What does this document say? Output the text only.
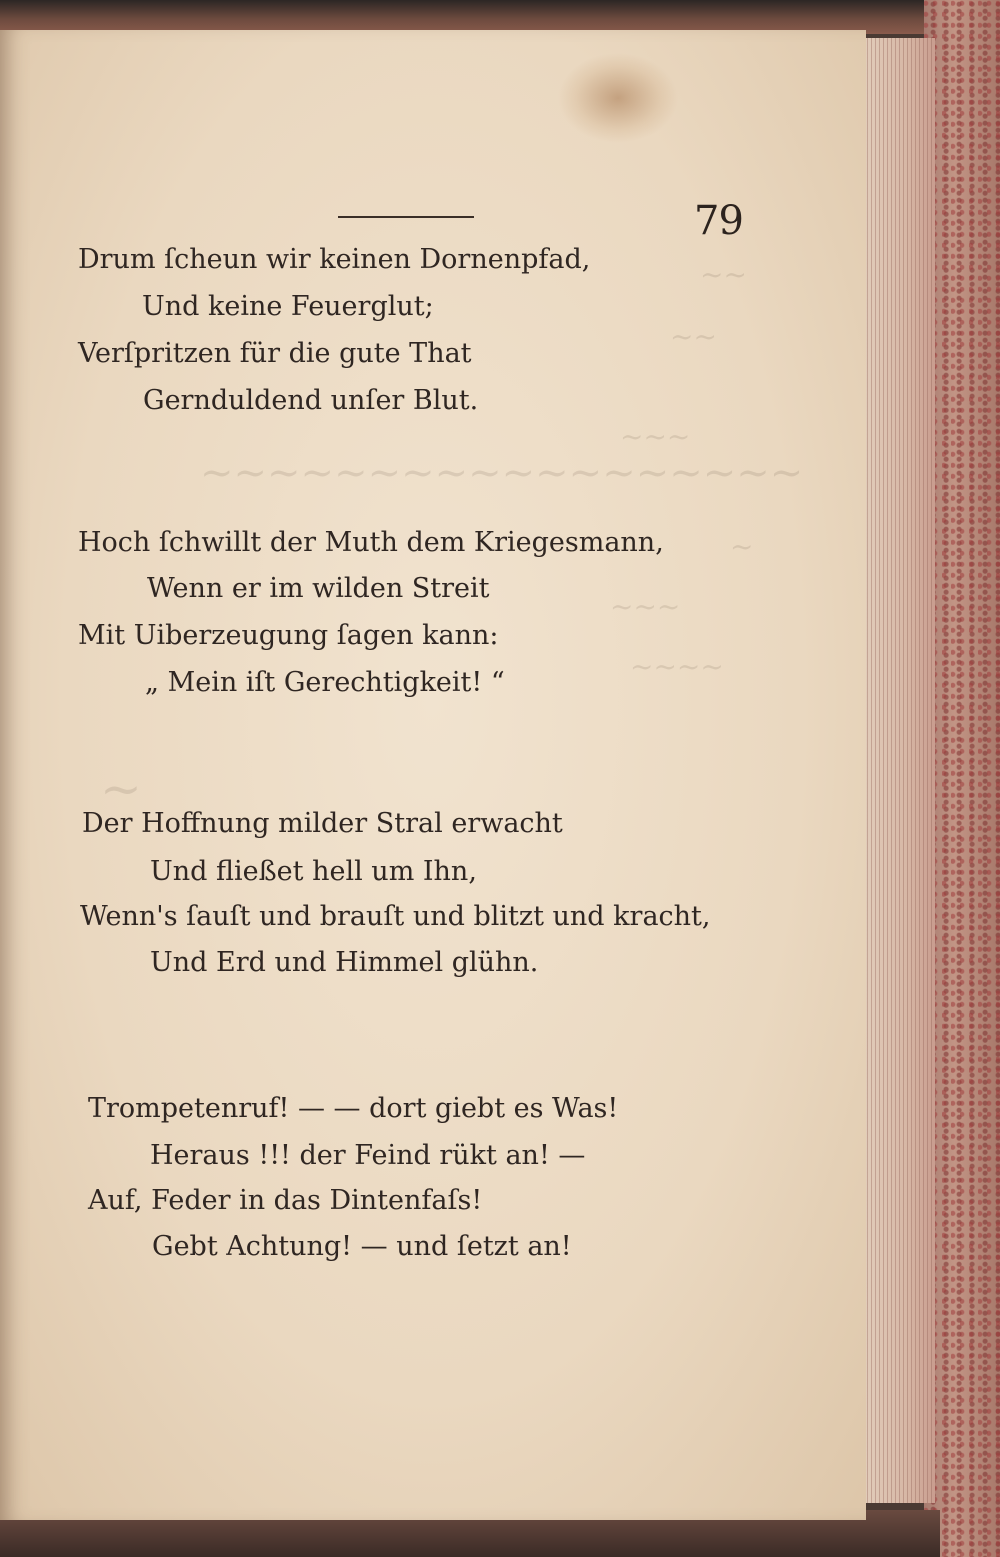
~~
~~
~~~
~~~~~~~~~~~~~~~~~~
~
~~~
~~~~
~
79
Drum ſcheun wir keinen Dornenpfad,
Und keine Feuerglut;
Verſpritzen für die gute That
Gernduldend unſer Blut.
Hoch ſchwillt der Muth dem Kriegesmann,
Wenn er im wilden Streit
Mit Uiberzeugung ſagen kann:
„ Mein iſt Gerechtigkeit! “
Der Hoffnung milder Stral erwacht
Und fließet hell um Ihn,
Wenn's ſauſt und brauſt und blitzt und kracht,
Und Erd und Himmel glühn.
Trompetenruf! — — dort giebt es Was!
Heraus !!! der Feind rükt an! —
Auf, Feder in das Dintenfaſs!
Gebt Achtung! — und ſetzt an!
